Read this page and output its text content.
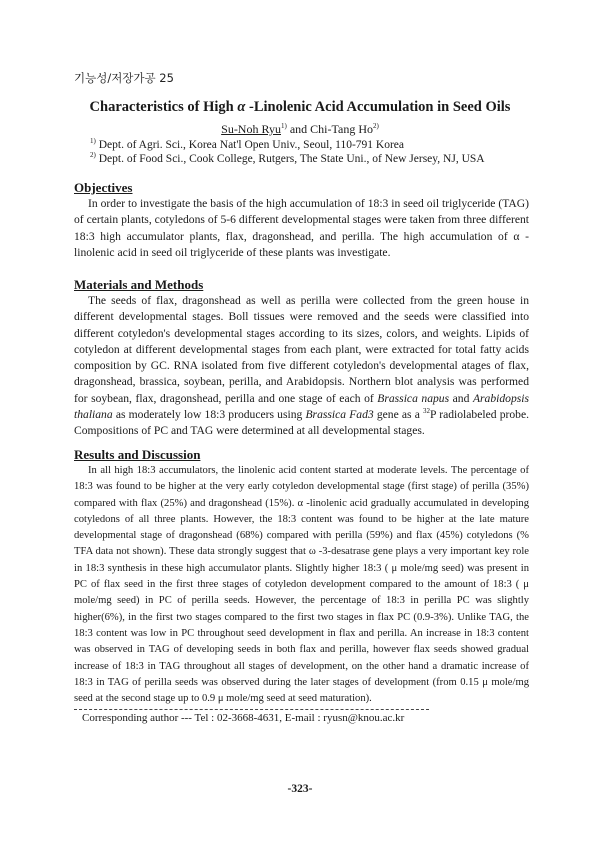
기능성/저장가공 25
Characteristics of High α -Linolenic Acid Accumulation in Seed Oils
Su-Noh Ryu$^{1)}$ and Chi-Tang Ho$^{2)}$
$^{1)}$ Dept. of Agri. Sci., Korea Nat'l Open Univ., Seoul, 110-791 Korea
$^{2)}$ Dept. of Food Sci., Cook College, Rutgers, The State Uni., of New Jersey, NJ, USA
Objectives

In order to investigate the basis of the high accumulation of 18:3 in seed oil triglyceride (TAG) of certain plants, cotyledons of 5-6 different developmental stages were taken from three different 18:3 high accumulator plants, flax, dragonshead, and perilla. The high accumulation of α -linolenic acid in seed oil triglyceride of these plants was investigate.

Materials and Methods

The seeds of flax, dragonshead as well as perilla were collected from the green house in different developmental stages. Boll tissues were removed and the seeds were classified into different cotyledon's developmental stages according to its sizes, colors, and weights. Lipids of cotyledon at different developmental stages from each plant, were extracted for total fatty acids composition by GC. RNA isolated from five different cotyledon's developmental atages of flax, dragonshead, brassica, soybean, perilla, and Arabidopsis. Northern blot analysis was performed for soybean, flax, dragonshead, perilla and one stage of each of Brassica napus and Arabidopsis thaliana as moderately low 18:3 producers using Brassica Fad3 gene as a $^{32}$P radiolabeled probe. Compositions of PC and TAG were determined at all developmental stages.

Results and Discussion

In all high 18:3 accumulators, the linolenic acid content started at moderate levels. The percentage of 18:3 was found to be higher at the very early cotyledon developmental stage (first stage) of perilla (35%) compared with flax (25%) and dragonshead (15%). α -linolenic acid gradually accumulated in developing cotyledons of all three plants. However, the 18:3 content was found to be higher at the late mature developmental stage of dragonshead (68%) compared with perilla (59%) and flax (45%) cotyledons (% TFA data not shown). These data strongly suggest that ω -3-desatrase gene plays a very important key role in 18:3 synthesis in these high accumulator plants. Slightly higher 18:3 ( μ mole/mg seed) was present in PC of flax seed in the first three stages of cotyledon development compared to the amount of 18:3 ( μ mole/mg seed) in PC of perilla seeds. However, the percentage of 18:3 in perilla PC was slightly higher(6%), in the first two stages compared to the first two stages in flax PC (0.9-3%). Unlike TAG, the 18:3 content was low in PC throughout seed development in flax and perilla. An increase in 18:3 content was observed in TAG of developing seeds in both flax and perilla, however flax seeds showed gradual increase of 18:3 in TAG throughout all stages of development, on the other hand a dramatic increase of 18:3 in TAG of perilla seeds was observed during the later stages of development (from 0.15 μ mole/mg seed at the second stage up to 0.9 μ mole/mg seed at seed maturation).

Corresponding author --- Tel : 02-3668-4631, E-mail : ryusn@knou.ac.kr
-323-
